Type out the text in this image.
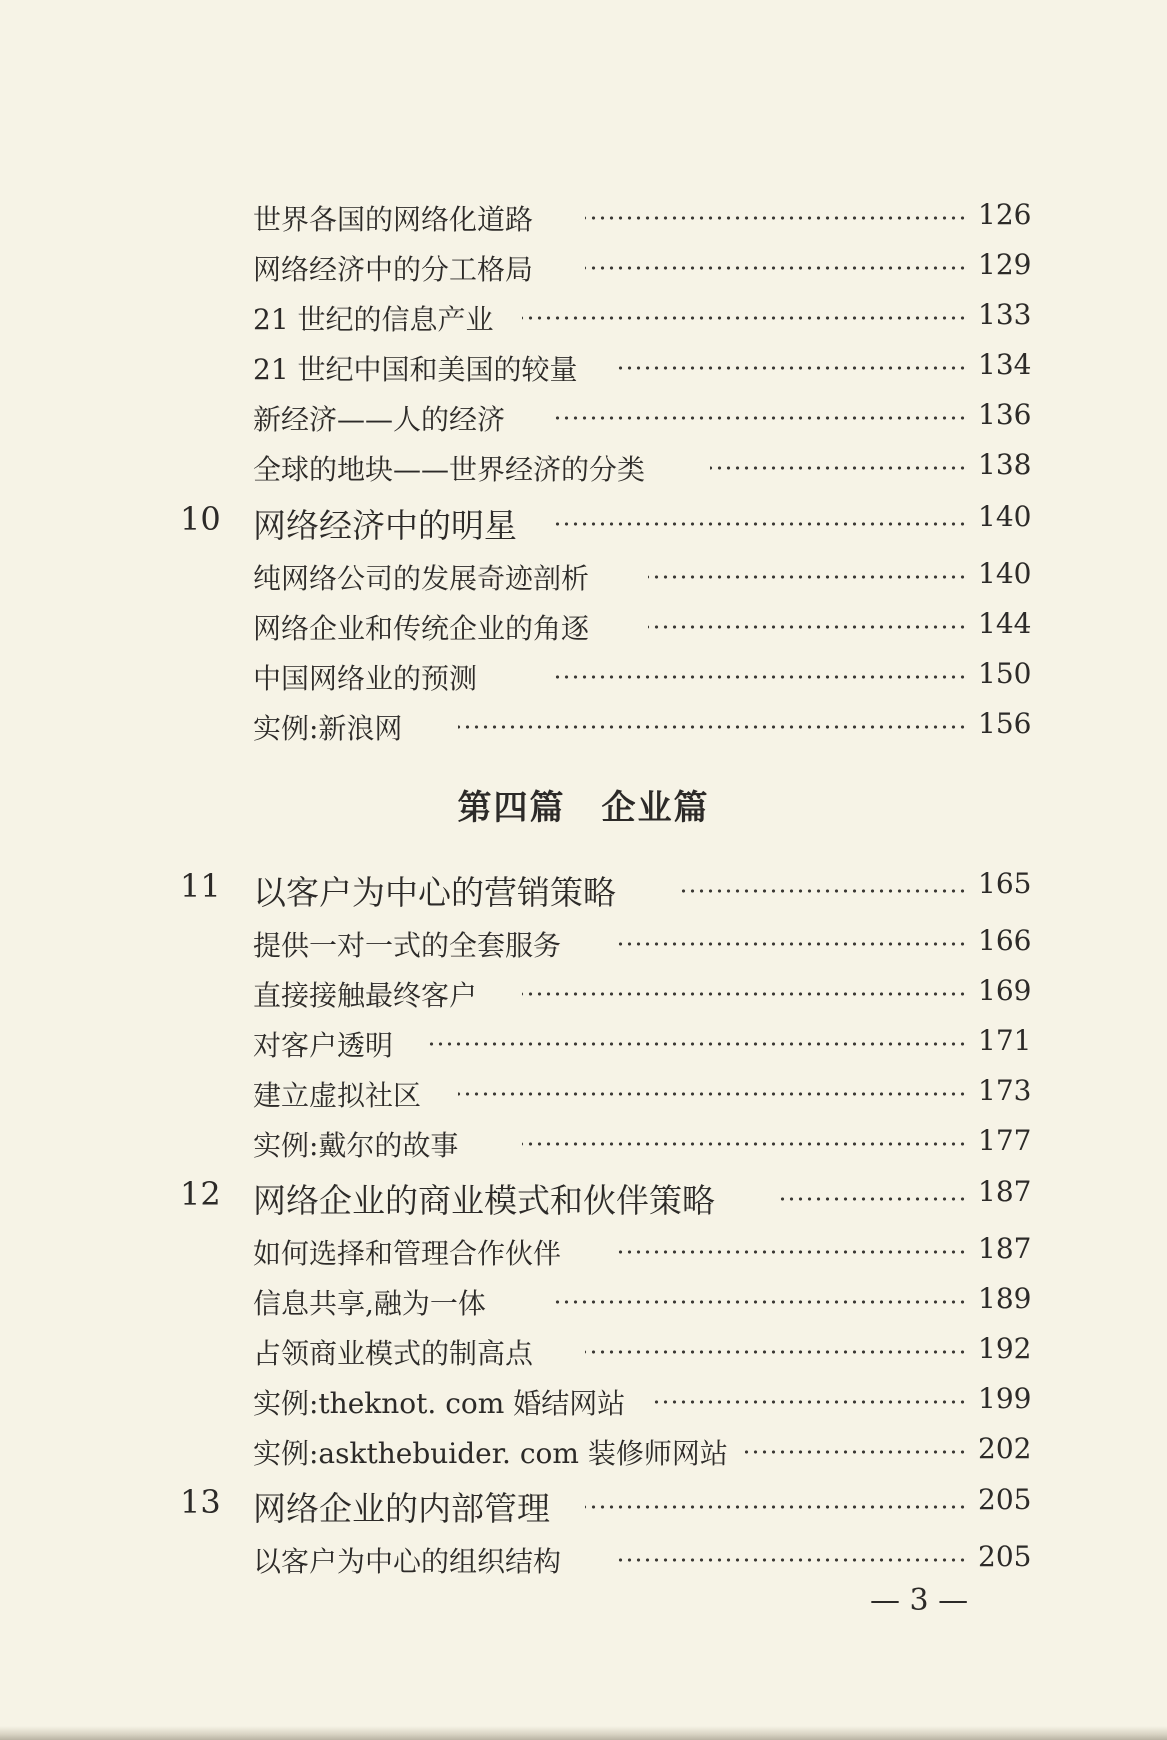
世界各国的网络化道路	126
网络经济中的分工格局	129
21 世纪的信息产业	133
21 世纪中国和美国的较量	134
新经济——人的经济	136
全球的地块——世界经济的分类	138
10 网络经济中的明星	140
纯网络公司的发展奇迹剖析	140
网络企业和传统企业的角逐	144
中国网络业的预测	150
实例:新浪网	156
第四篇　企业篇
11 以客户为中心的营销策略	165
提供一对一式的全套服务	166
直接接触最终客户	169
对客户透明	171
建立虚拟社区	173
实例:戴尔的故事	177
12 网络企业的商业模式和伙伴策略	187
如何选择和管理合作伙伴	187
信息共享,融为一体	189
占领商业模式的制高点	192
实例:theknot. com 婚结网站	199
实例:askthebuider. com 装修师网站	202
13 网络企业的内部管理	205
以客户为中心的组织结构	205
— 3 —
